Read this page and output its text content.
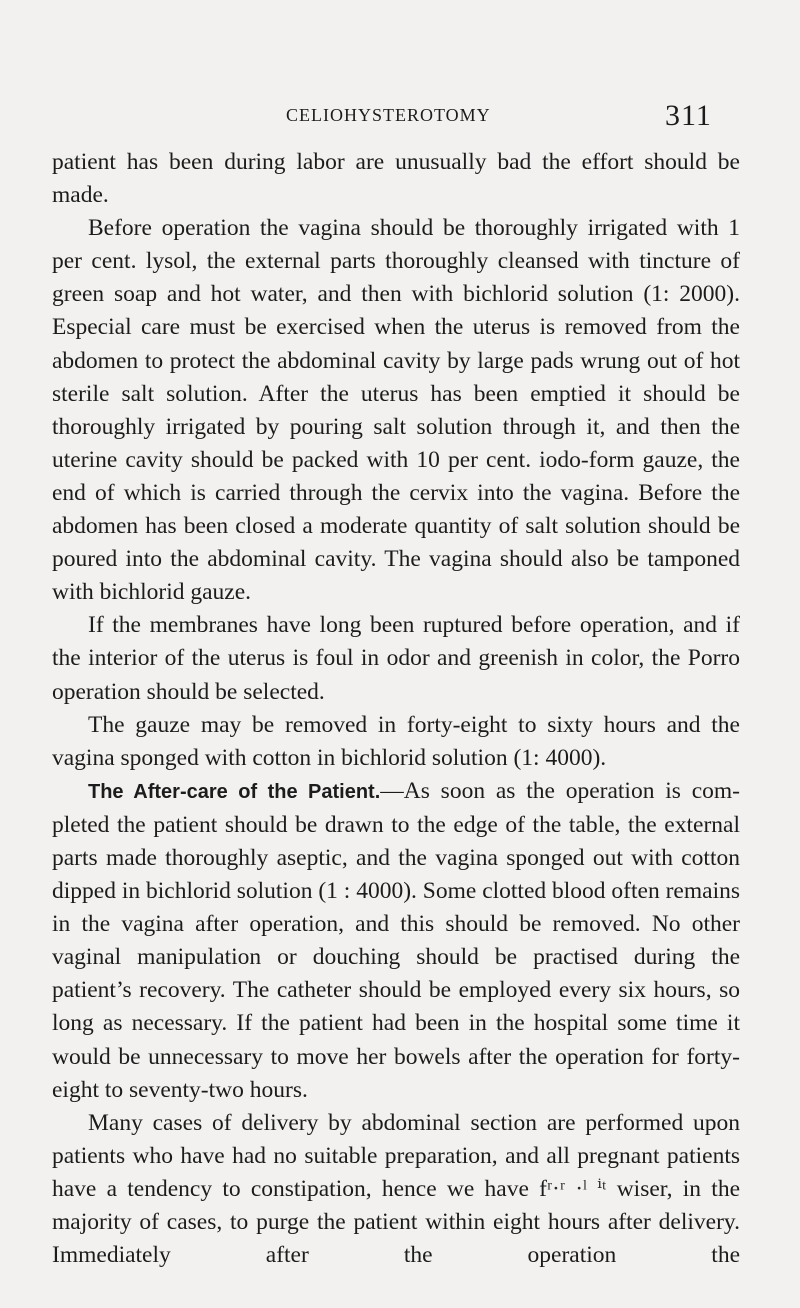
CELIOHYSTEROTOMY	311

patient has been during labor are unusually bad the effort should be made.

Before operation the vagina should be thoroughly irrigated with 1 per cent. lysol, the external parts thoroughly cleansed with tincture of green soap and hot water, and then with bichlorid solution (1: 2000). Especial care must be exercised when the uterus is removed from the abdomen to protect the abdominal cavity by large pads wrung out of hot sterile salt solution. After the uterus has been emptied it should be thoroughly irrigated by pouring salt solution through it, and then the uterine cavity should be packed with 10 per cent. iodo-form gauze, the end of which is carried through the cervix into the vagina. Before the abdomen has been closed a moderate quantity of salt solution should be poured into the abdominal cavity. The vagina should also be tamponed with bichlorid gauze.

If the membranes have long been ruptured before operation, and if the interior of the uterus is foul in odor and greenish in color, the Porro operation should be selected.

The gauze may be removed in forty-eight to sixty hours and the vagina sponged with cotton in bichlorid solution (1: 4000).

The After-care of the Patient.—As soon as the operation is com-pleted the patient should be drawn to the edge of the table, the external parts made thoroughly aseptic, and the vagina sponged out with cotton dipped in bichlorid solution (1 : 4000). Some clotted blood often remains in the vagina after operation, and this should be removed. No other vaginal manipulation or douching should be practised during the patient’s recovery. The catheter should be employed every six hours, so long as necessary. If the patient had been in the hospital some time it would be unnecessary to move her bowels after the operation for forty-eight to seventy-two hours.

Many cases of delivery by abdominal section are performed upon patients who have had no suitable preparation, and all pregnant patients have a tendency to constipation, hence we have fʳ·ʳ ·ˡ ⁱᵗ wiser, in the majority of cases, to purge the patient within eight hours after delivery. Immediately after the operation the
